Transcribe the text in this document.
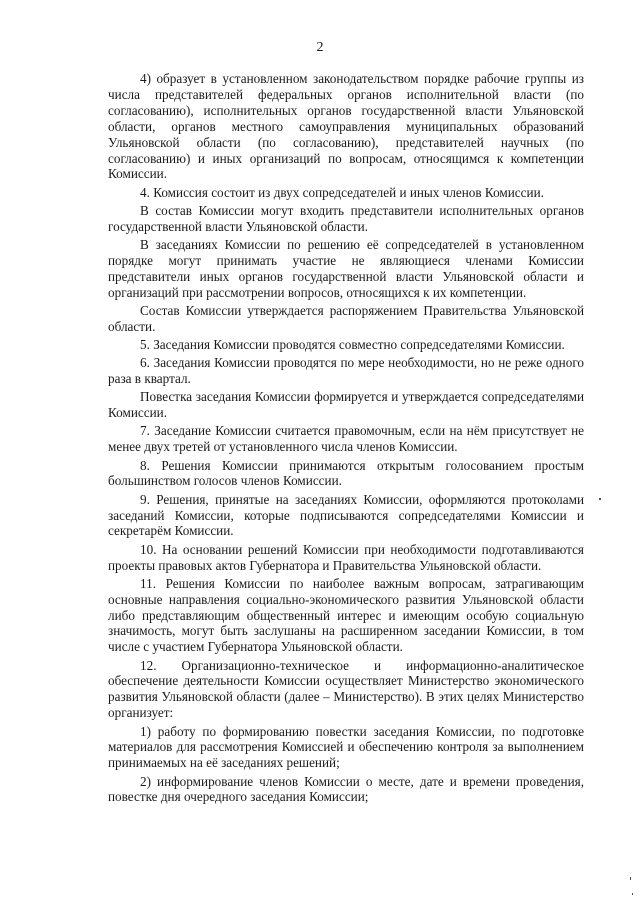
2

4) образует в установленном законодательством порядке рабочие группы из числа представителей федеральных органов исполнительной власти (по согласованию), исполнительных органов государственной власти Ульяновской области, органов местного самоуправления муниципальных образований Ульяновской области (по согласованию), представителей научных (по согласованию) и иных организаций по вопросам, относящимся к компетенции Комиссии.

4. Комиссия состоит из двух сопредседателей и иных членов Комиссии.

В состав Комиссии могут входить представители исполнительных органов государственной власти Ульяновской области.

В заседаниях Комиссии по решению её сопредседателей в установленном порядке могут принимать участие не являющиеся членами Комиссии представители иных органов государственной власти Ульяновской области и организаций при рассмотрении вопросов, относящихся к их компетенции.

Состав Комиссии утверждается распоряжением Правительства Ульяновской области.

5. Заседания Комиссии проводятся совместно сопредседателями Комиссии.

6. Заседания Комиссии проводятся по мере необходимости, но не реже одного раза в квартал.

Повестка заседания Комиссии формируется и утверждается сопредседателями Комиссии.

7. Заседание Комиссии считается правомочным, если на нём присутствует не менее двух третей от установленного числа членов Комиссии.

8. Решения Комиссии принимаются открытым голосованием простым большинством голосов членов Комиссии.

9. Решения, принятые на заседаниях Комиссии, оформляются протоколами заседаний Комиссии, которые подписываются сопредседателями Комиссии и секретарём Комиссии.

10. На основании решений Комиссии при необходимости подготавливаются проекты правовых актов Губернатора и Правительства Ульяновской области.

11. Решения Комиссии по наиболее важным вопросам, затрагивающим основные направления социально-экономического развития Ульяновской области либо представляющим общественный интерес и имеющим особую социальную значимость, могут быть заслушаны на расширенном заседании Комиссии, в том числе с участием Губернатора Ульяновской области.

12. Организационно-техническое и информационно-аналитическое обеспечение деятельности Комиссии осуществляет Министерство экономического развития Ульяновской области (далее – Министерство). В этих целях Министерство организует:

1) работу по формированию повестки заседания Комиссии, по подготовке материалов для рассмотрения Комиссией и обеспечению контроля за выполнением принимаемых на её заседаниях решений;

2) информирование членов Комиссии о месте, дате и времени проведения, повестке дня очередного заседания Комиссии;
